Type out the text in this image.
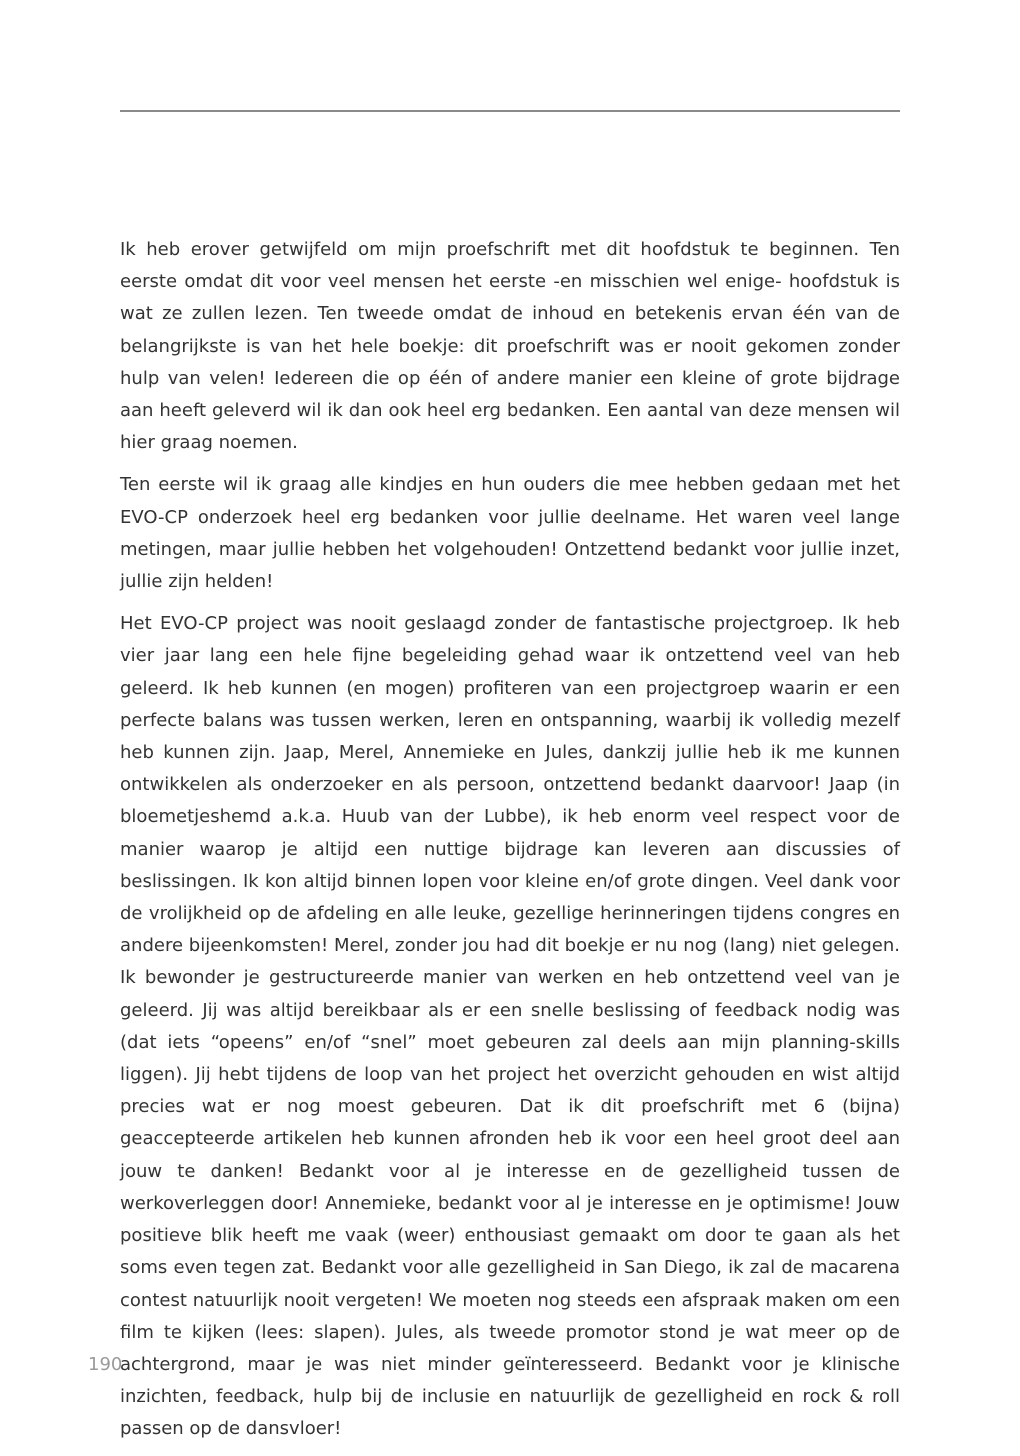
Ik heb erover getwijfeld om mijn proefschrift met dit hoofdstuk te beginnen. Ten eerste omdat dit voor veel mensen het eerste -en misschien wel enige- hoofdstuk is wat ze zullen lezen. Ten tweede omdat de inhoud en betekenis ervan één van de belangrijkste is van het hele boekje: dit proefschrift was er nooit gekomen zonder hulp van velen! Iedereen die op één of andere manier een kleine of grote bijdrage aan heeft geleverd wil ik dan ook heel erg bedanken. Een aantal van deze mensen wil hier graag noemen.

Ten eerste wil ik graag alle kindjes en hun ouders die mee hebben gedaan met het EVO-CP onderzoek heel erg bedanken voor jullie deelname. Het waren veel lange metingen, maar jullie hebben het volgehouden! Ontzettend bedankt voor jullie inzet, jullie zijn helden!

Het EVO-CP project was nooit geslaagd zonder de fantastische projectgroep. Ik heb vier jaar lang een hele fijne begeleiding gehad waar ik ontzettend veel van heb geleerd. Ik heb kunnen (en mogen) profiteren van een projectgroep waarin er een perfecte balans was tussen werken, leren en ontspanning, waarbij ik volledig mezelf heb kunnen zijn. Jaap, Merel, Annemieke en Jules, dankzij jullie heb ik me kunnen ontwikkelen als onderzoeker en als persoon, ontzettend bedankt daarvoor! Jaap (in bloemetjeshemd a.k.a. Huub van der Lubbe), ik heb enorm veel respect voor de manier waarop je altijd een nuttige bijdrage kan leveren aan discussies of beslissingen. Ik kon altijd binnen lopen voor kleine en/of grote dingen. Veel dank voor de vrolijkheid op de afdeling en alle leuke, gezellige herinneringen tijdens congres en andere bijeenkomsten! Merel, zonder jou had dit boekje er nu nog (lang) niet gelegen. Ik bewonder je gestructureerde manier van werken en heb ontzettend veel van je geleerd. Jij was altijd bereikbaar als er een snelle beslissing of feedback nodig was (dat iets “opeens” en/of “snel” moet gebeuren zal deels aan mijn planning-skills liggen). Jij hebt tijdens de loop van het project het overzicht gehouden en wist altijd precies wat er nog moest gebeuren. Dat ik dit proefschrift met 6 (bijna) geaccepteerde artikelen heb kunnen afronden heb ik voor een heel groot deel aan jouw te danken! Bedankt voor al je interesse en de gezelligheid tussen de werkoverleggen door! Annemieke, bedankt voor al je interesse en je optimisme! Jouw positieve blik heeft me vaak (weer) enthousiast gemaakt om door te gaan als het soms even tegen zat. Bedankt voor alle gezelligheid in San Diego, ik zal de macarena contest natuurlijk nooit vergeten! We moeten nog steeds een afspraak maken om een film te kijken (lees: slapen). Jules, als tweede promotor stond je wat meer op de achtergrond, maar je was niet minder geïnteresseerd. Bedankt voor je klinische inzichten, feedback, hulp bij de inclusie en natuurlijk de gezelligheid en rock & roll passen op de dansvloer!

190
